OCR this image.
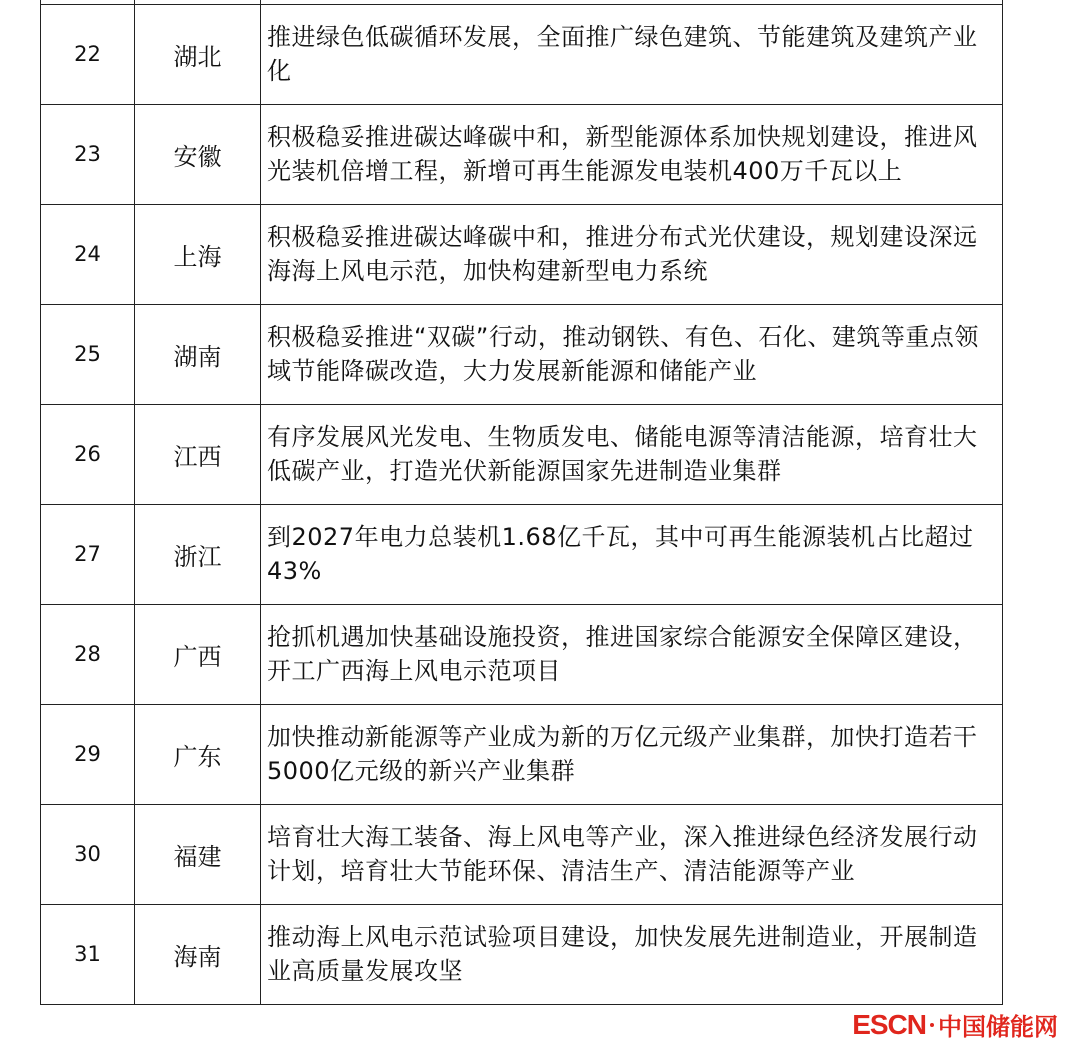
22	湖北	推进绿色低碳循环发展，全面推广绿色建筑、节能建筑及建筑产业化
23	安徽	积极稳妥推进碳达峰碳中和，新型能源体系加快规划建设，推进风光装机倍增工程，新增可再生能源发电装机400万千瓦以上
24	上海	积极稳妥推进碳达峰碳中和，推进分布式光伏建设，规划建设深远海海上风电示范，加快构建新型电力系统
25	湖南	积极稳妥推进“双碳”行动，推动钢铁、有色、石化、建筑等重点领域节能降碳改造，大力发展新能源和储能产业
26	江西	有序发展风光发电、生物质发电、储能电源等清洁能源，培育壮大低碳产业，打造光伏新能源国家先进制造业集群
27	浙江	到2027年电力总装机1.68亿千瓦，其中可再生能源装机占比超过43%
28	广西	抢抓机遇加快基础设施投资，推进国家综合能源安全保障区建设，开工广西海上风电示范项目
29	广东	加快推动新能源等产业成为新的万亿元级产业集群，加快打造若干5000亿元级的新兴产业集群
30	福建	培育壮大海工装备、海上风电等产业，深入推进绿色经济发展行动计划，培育壮大节能环保、清洁生产、清洁能源等产业
31	海南	推动海上风电示范试验项目建设，加快发展先进制造业，开展制造业高质量发展攻坚
ESCN 中国储能网
